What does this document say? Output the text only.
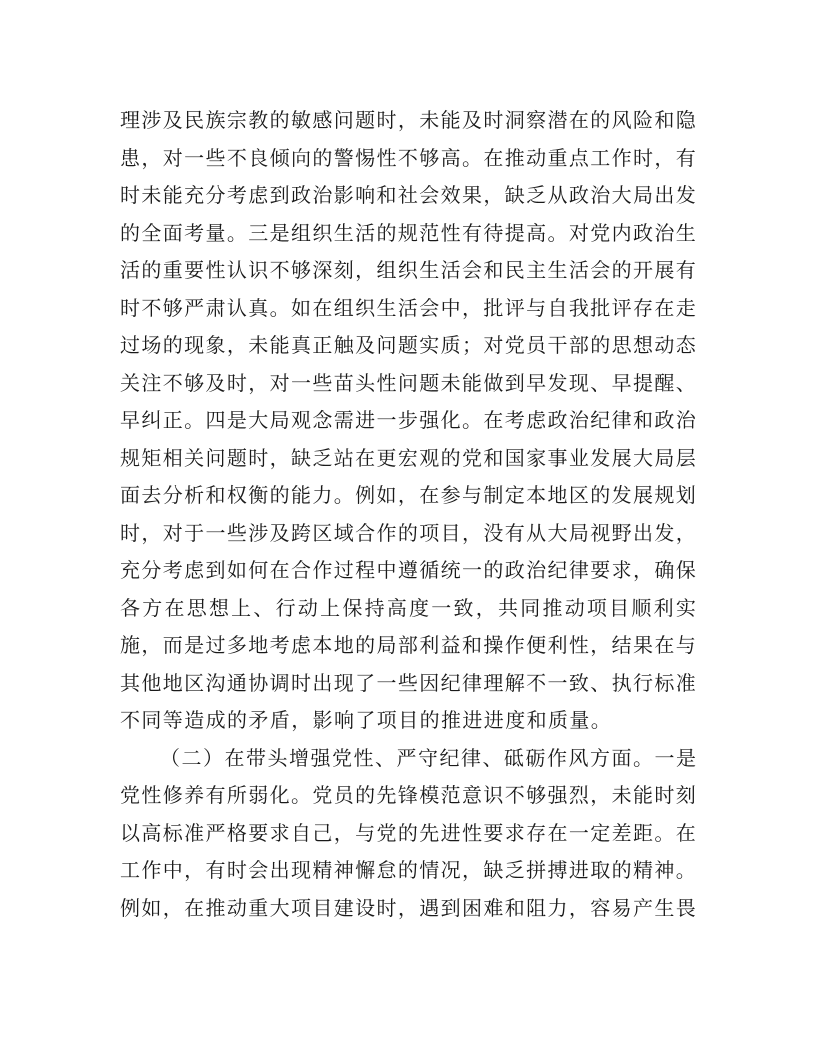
理 涉 及 民 族 宗 教 的 敏 感 问 题 时 ， 未 能 及 时 洞 察 潜 在 的 风 险 和 隐
患 ， 对 一 些 不 良 倾 向 的 警 惕 性 不 够 高 。 在 推 动 重 点 工 作 时 ， 有
时 未 能 充 分 考 虑 到 政 治 影 响 和 社 会 效 果 ， 缺 乏 从 政 治 大 局 出 发
的 全 面 考 量 。 三 是 组 织 生 活 的 规 范 性 有 待 提 高 。 对 党 内 政 治 生
活 的 重 要 性 认 识 不 够 深 刻 ， 组 织 生 活 会 和 民 主 生 活 会 的 开 展 有
时 不 够 严 肃 认 真 。 如 在 组 织 生 活 会 中 ， 批 评 与 自 我 批 评 存 在 走
过 场 的 现 象 ， 未 能 真 正 触 及 问 题 实 质 ； 对 党 员 干 部 的 思 想 动 态
关 注 不 够 及 时 ， 对 一 些 苗 头 性 问 题 未 能 做 到 早 发 现 、 早 提 醒 、
早 纠 正 。 四 是 大 局 观 念 需 进 一 步 强 化 。 在 考 虑 政 治 纪 律 和 政 治
规 矩 相 关 问 题 时 ， 缺 乏 站 在 更 宏 观 的 党 和 国 家 事 业 发 展 大 局 层
面 去 分 析 和 权 衡 的 能 力 。 例 如 ， 在 参 与 制 定 本 地 区 的 发 展 规 划
时 ， 对 于 一 些 涉 及 跨 区 域 合 作 的 项 目 ， 没 有 从 大 局 视 野 出 发 ，
充 分 考 虑 到 如 何 在 合 作 过 程 中 遵 循 统 一 的 政 治 纪 律 要 求 ， 确 保
各 方 在 思 想 上 、 行 动 上 保 持 高 度 一 致 ， 共 同 推 动 项 目 顺 利 实
施 ， 而 是 过 多 地 考 虑 本 地 的 局 部 利 益 和 操 作 便 利 性 ， 结 果 在 与
其 他 地 区 沟 通 协 调 时 出 现 了 一 些 因 纪 律 理 解 不 一 致 、 执 行 标 准
不同等造成的矛盾，影响了项目的推进进度和质量。
（ 二 ） 在 带 头 增 强 党 性 、 严 守 纪 律 、 砥 砺 作 风 方 面 。 一 是
党 性 修 养 有 所 弱 化 。 党 员 的 先 锋 模 范 意 识 不 够 强 烈 ， 未 能 时 刻
以 高 标 准 严 格 要 求 自 己 ， 与 党 的 先 进 性 要 求 存 在 一 定 差 距 。 在
工 作 中 ， 有 时 会 出 现 精 神 懈 怠 的 情 况 ， 缺 乏 拼 搏 进 取 的 精 神 。
例 如 ， 在 推 动 重 大 项 目 建 设 时 ， 遇 到 困 难 和 阻 力 ， 容 易 产 生 畏
